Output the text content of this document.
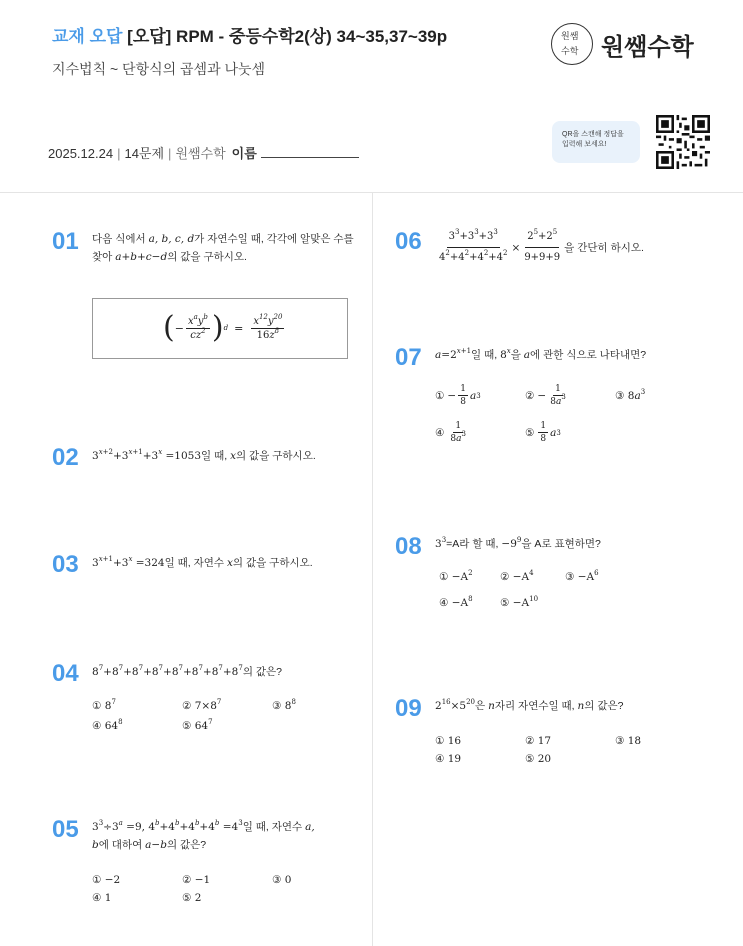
교재 오답 [오답] RPM - 중등수학2(상) 34~35,37~39p
지수법칙 ~ 단항식의 곱셈과 나눗셈
원쌤
수학 원쌤수학
2025.12.24 | 14문제 | 원쌤수학 이름
QR을 스캔해 정답을
입력해 보세요!
01 다음 식에서 a, b, c, d가 자연수일 때, 각각에 알맞은 수를
찾아 a+b+c−d의 값을 구하시오.
( − $\frac{x^ay^b}{cz^2}$ ) $d = \frac{x^{12}y^{20}}{16z^8}$
02 $3^{x+2}+3^{x+1}+3^x =1053$일 때, x의 값을 구하시오.
03 $3^{x+1}+3^x =324$일 때, 자연수 x의 값을 구하시오.
04 $8^7+8^7+8^7+8^7+8^7+8^7+8^7+8^7$의 값은?
① $8^7$	② $7\times 8^7$	③ $8^8$
④ $64^8$	⑤ $64^7$
05 $3^3\div 3^a =9$, $4^b+4^b+4^b+4^b =4^3$일 때, 자연수 a,
b에 대하여 a−b의 값은?
① −2	② −1	③ 0
④ 1	⑤ 2
$06 \frac{3^3+3^3+3^3}{4^2+4^2+4^2+4^2} \times \frac{2^5+2^5}{9+9+9}$ 을 간단히 하시오.
07 $a=2^{x+1}$일 때, 8$^x$을 a에 관한 식으로 나타내면?
① − $\frac{1}{8}$ a 3	② − $\frac{1}{8a^3}$	③ $8a^3$
④ $\frac{1}{8a^3}$	⑤ $\frac{1}{8}$ a 3
08 $3^3=A$라 할 때, $-9^9$을 A로 표현하면?
① $-A^2$	② $-A^4$	③ $-A^6$
④ $-A^8$	⑤ $-A^{10}$
09 $2^{16}\times 5^{20}$은 n자리 자연수일 때, n의 값은?
① 16	② 17	③ 18
④ 19	⑤ 20
